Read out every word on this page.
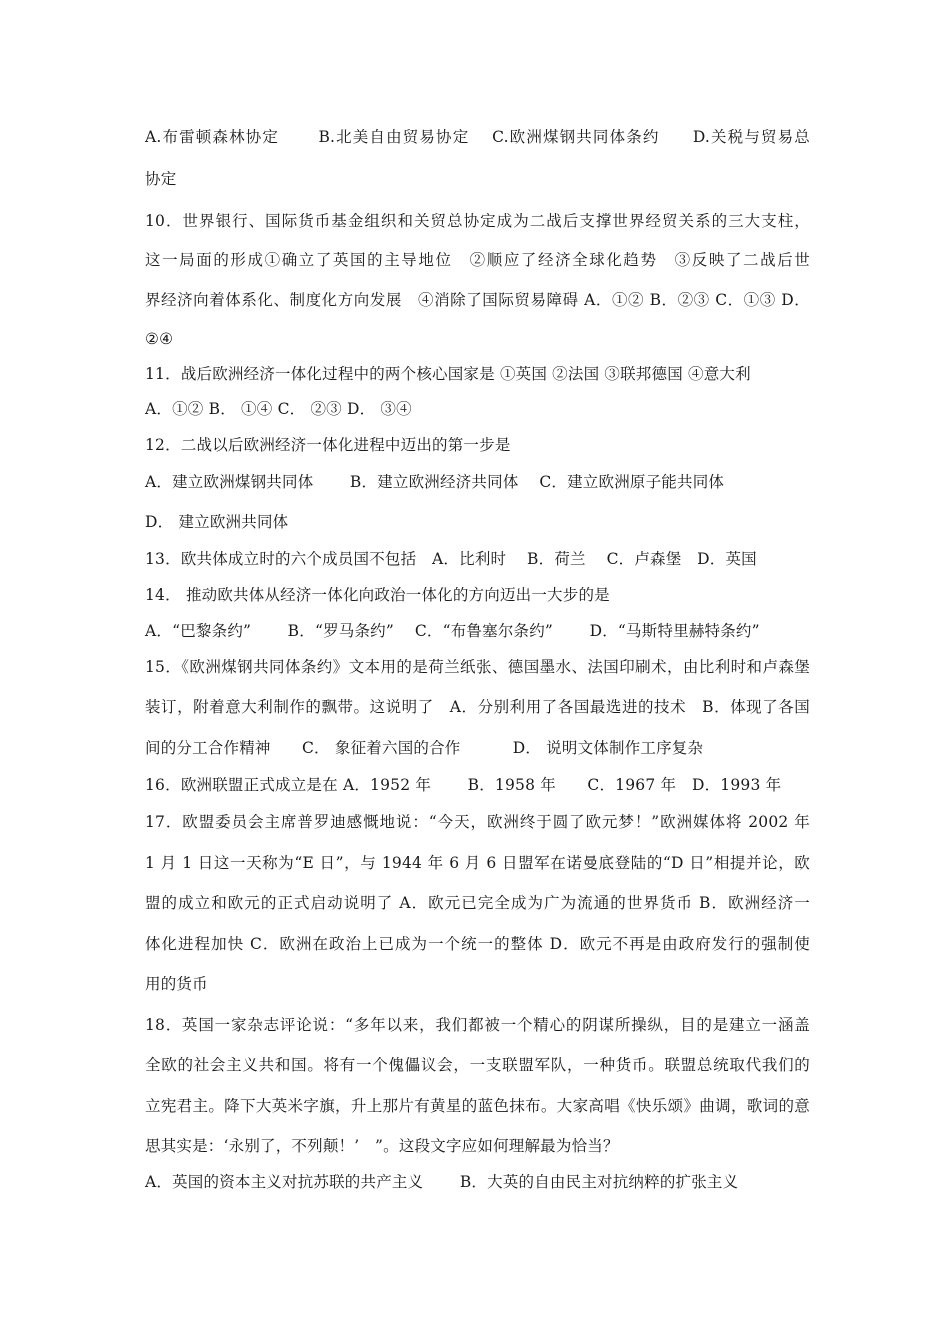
A.布雷顿森林协定　　 B.北美自由贸易协定　 C.欧洲煤钢共同体条约　　D.关税与贸易总
协定
10．世界银行、国际货币基金组织和关贸总协定成为二战后支撑世界经贸关系的三大支柱，
这一局面的形成①确立了英国的主导地位　②顺应了经济全球化趋势　③反映了二战后世
界经济向着体系化、制度化方向发展　④消除了国际贸易障碍 A．①② B．②③ C．①③ D．
②④
11．战后欧洲经济一体化过程中的两个核心国家是 ①英国 ②法国 ③联邦德国 ④意大利
A．①② B． ①④ C． ②③ D． ③④
12．二战以后欧洲经济一体化进程中迈出的第一步是
A．建立欧洲煤钢共同体　　 B．建立欧洲经济共同体　 C．建立欧洲原子能共同体
D． 建立欧洲共同体
13．欧共体成立时的六个成员国不包括　A．比利时　 B．荷兰　 C．卢森堡　D．英国
14． 推动欧共体从经济一体化向政治一体化的方向迈出一大步的是
A．“巴黎条约”　　 B．“罗马条约”　 C．“布鲁塞尔条约”　　 D．“马斯特里赫特条约”
15．《欧洲煤钢共同体条约》文本用的是荷兰纸张、德国墨水、法国印刷术，由比利时和卢森堡
装订，附着意大利制作的飘带。这说明了　A．分别利用了各国最选进的技术　B．体现了各国
间的分工合作精神　　C． 象征着六国的合作　　　 D． 说明文体制作工序复杂
16．欧洲联盟正式成立是在 A．1952 年　　 B．1958 年　　C．1967 年　D．1993 年
17．欧盟委员会主席普罗迪感慨地说：“今天，欧洲终于圆了欧元梦！”欧洲媒体将 2002 年
1 月 1 日这一天称为“E 日”，与 1944 年 6 月 6 日盟军在诺曼底登陆的“D 日”相提并论，欧
盟的成立和欧元的正式启动说明了 A．欧元已完全成为广为流通的世界货币 B．欧洲经济一
体化进程加快 C．欧洲在政治上已成为一个统一的整体 D．欧元不再是由政府发行的强制使
用的货币
18．英国一家杂志评论说：“多年以来，我们都被一个精心的阴谋所操纵，目的是建立一涵盖
全欧的社会主义共和国。将有一个傀儡议会，一支联盟军队，一种货币。联盟总统取代我们的
立宪君主。降下大英米字旗，升上那片有黄星的蓝色抹布。大家高唱《快乐颂》曲调，歌词的意
思其实是：‘永别了，不列颠！’　”。这段文字应如何理解最为恰当？
A．英国的资本主义对抗苏联的共产主义　　 B．大英的自由民主对抗纳粹的扩张主义
